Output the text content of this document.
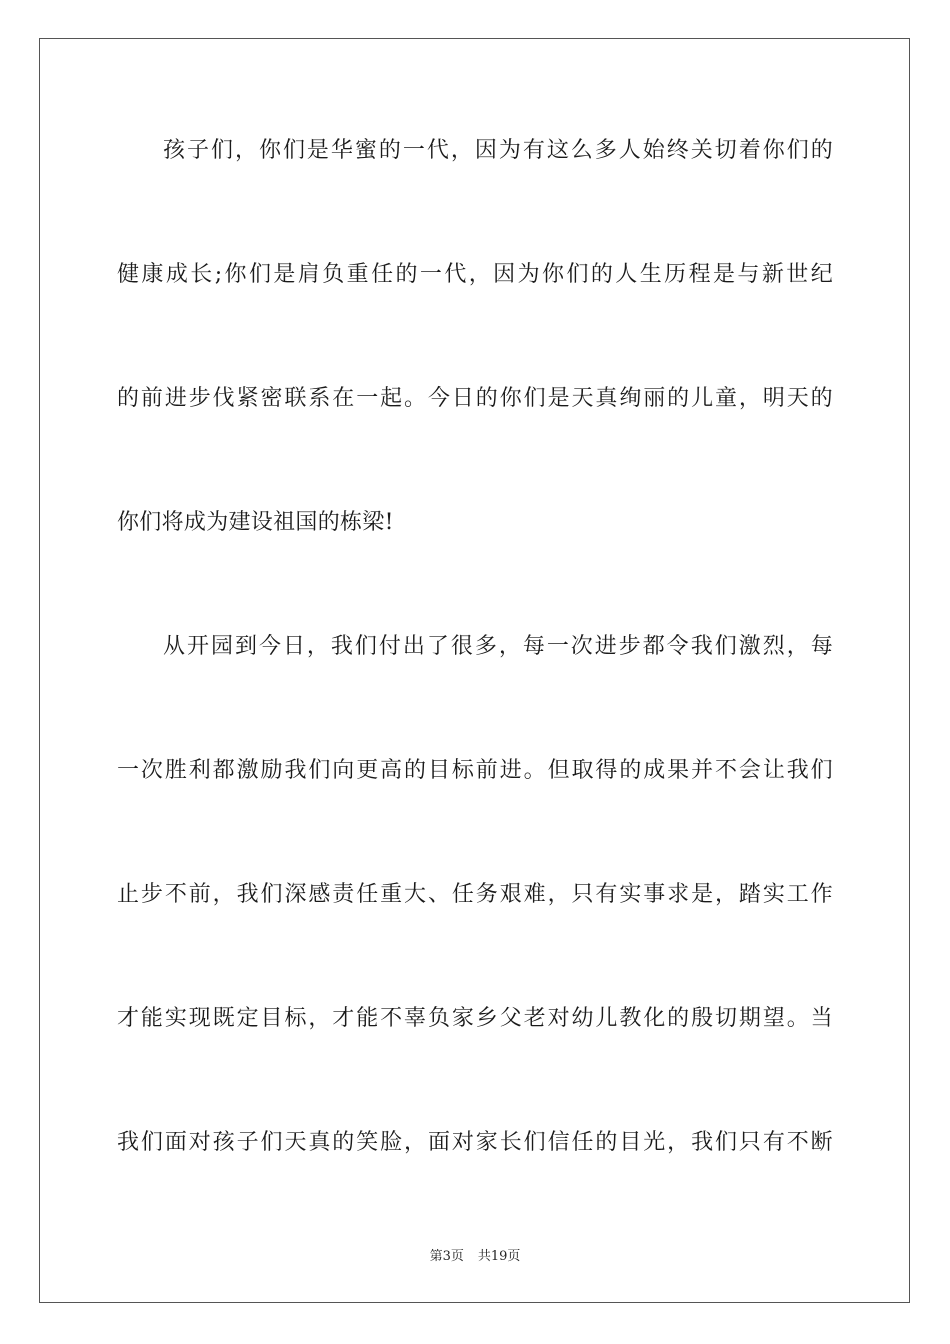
孩子们，你们是华蜜的一代，因为有这么多人始终关切着你们的
健康成长;你们是肩负重任的一代，因为你们的人生历程是与新世纪
的前进步伐紧密联系在一起。今日的你们是天真绚丽的儿童，明天的
你们将成为建设祖国的栋梁!
从开园到今日，我们付出了很多，每一次进步都令我们激烈，每
一次胜利都激励我们向更高的目标前进。但取得的成果并不会让我们
止步不前，我们深感责任重大、任务艰难，只有实事求是，踏实工作
才能实现既定目标，才能不辜负家乡父老对幼儿教化的殷切期望。当
我们面对孩子们天真的笑脸，面对家长们信任的目光，我们只有不断
第3页 共19页
